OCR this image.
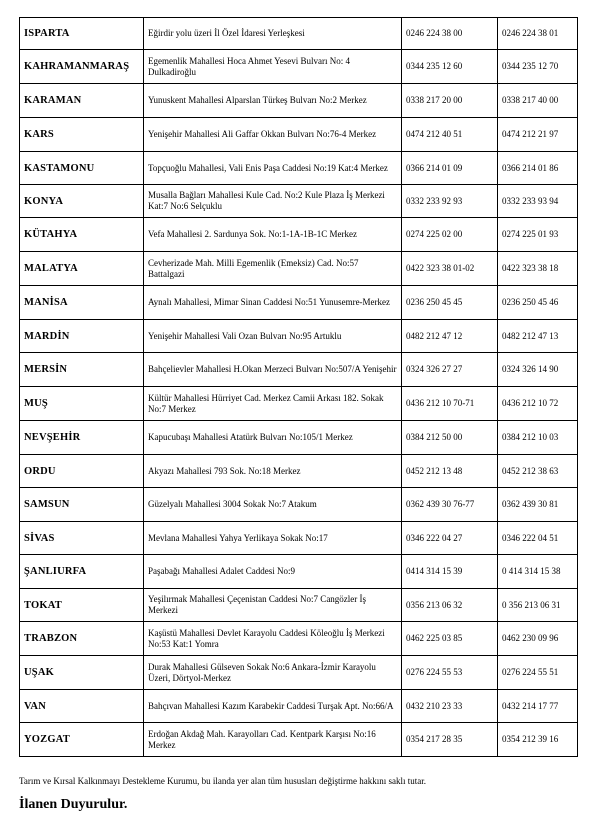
ISPARTA	Eğirdir yolu üzeri İl Özel İdaresi Yerleşkesi	0246 224 38 00	0246 224 38 01
KAHRAMANMARAŞ	Egemenlik Mahallesi Hoca Ahmet Yesevi Bulvarı No: 4 Dulkadiroğlu	0344 235 12 60	0344 235 12 70
KARAMAN	Yunuskent Mahallesi Alparslan Türkeş Bulvarı No:2 Merkez	0338 217 20 00	0338 217 40 00
KARS	Yenişehir Mahallesi Ali Gaffar Okkan Bulvarı No:76-4 Merkez	0474 212 40 51	0474 212 21 97
KASTAMONU	Topçuoğlu Mahallesi, Vali Enis Paşa Caddesi No:19 Kat:4 Merkez	0366 214 01 09	0366 214 01 86
KONYA	Musalla Bağları Mahallesi Kule Cad. No:2 Kule Plaza İş Merkezi Kat:7 No:6 Selçuklu	0332 233 92 93	0332 233 93 94
KÜTAHYA	Vefa Mahallesi 2. Sardunya Sok. No:1-1A-1B-1C Merkez	0274 225 02 00	0274 225 01 93
MALATYA	Cevherizade Mah. Milli Egemenlik (Emeksiz) Cad. No:57 Battalgazi	0422 323 38 01-02	0422 323 38 18
MANİSA	Aynalı Mahallesi, Mimar Sinan Caddesi No:51 Yunusemre-Merkez	0236 250 45 45	0236 250 45 46
MARDİN	Yenişehir Mahallesi Vali Ozan Bulvarı No:95 Artuklu	0482 212 47 12	0482 212 47 13
MERSİN	Bahçelievler Mahallesi H.Okan Merzeci Bulvarı No:507/A Yenişehir	0324 326 27 27	0324 326 14 90
MUŞ	Kültür Mahallesi Hürriyet Cad. Merkez Camii Arkası 182. Sokak No:7 Merkez	0436 212 10 70-71	0436 212 10 72
NEVŞEHİR	Kapucubaşı Mahallesi Atatürk Bulvarı No:105/1 Merkez	0384 212 50 00	0384 212 10 03
ORDU	Akyazı Mahallesi 793 Sok. No:18 Merkez	0452 212 13 48	0452 212 38 63
SAMSUN	Güzelyalı Mahallesi 3004 Sokak No:7 Atakum	0362 439 30 76-77	0362 439 30 81
SİVAS	Mevlana Mahallesi Yahya Yerlikaya Sokak No:17	0346 222 04 27	0346 222 04 51
ŞANLIURFA	Paşabağı Mahallesi Adalet Caddesi No:9	0414 314 15 39	0 414 314 15 38
TOKAT	Yeşilırmak Mahallesi Çeçenistan Caddesi No:7 Cangözler İş Merkezi	0356 213 06 32	0 356 213 06 31
TRABZON	Kaşüstü Mahallesi Devlet Karayolu Caddesi Köleoğlu İş Merkezi No:53 Kat:1 Yomra	0462 225 03 85	0462 230 09 96
UŞAK	Durak Mahallesi Gülseven Sokak No:6 Ankara-İzmir Karayolu Üzeri, Dörtyol-Merkez	0276 224 55 53	0276 224 55 51
VAN	Bahçıvan Mahallesi Kazım Karabekir Caddesi Turşak Apt. No:66/A	0432 210 23 33	0432 214 17 77
YOZGAT	Erdoğan Akdağ Mah. Karayolları Cad. Kentpark Karşısı No:16 Merkez	0354 217 28 35	0354 212 39 16
Tarım ve Kırsal Kalkınmayı Destekleme Kurumu, bu ilanda yer alan tüm hususları değiştirme hakkını saklı tutar.
İlanen Duyurulur.
